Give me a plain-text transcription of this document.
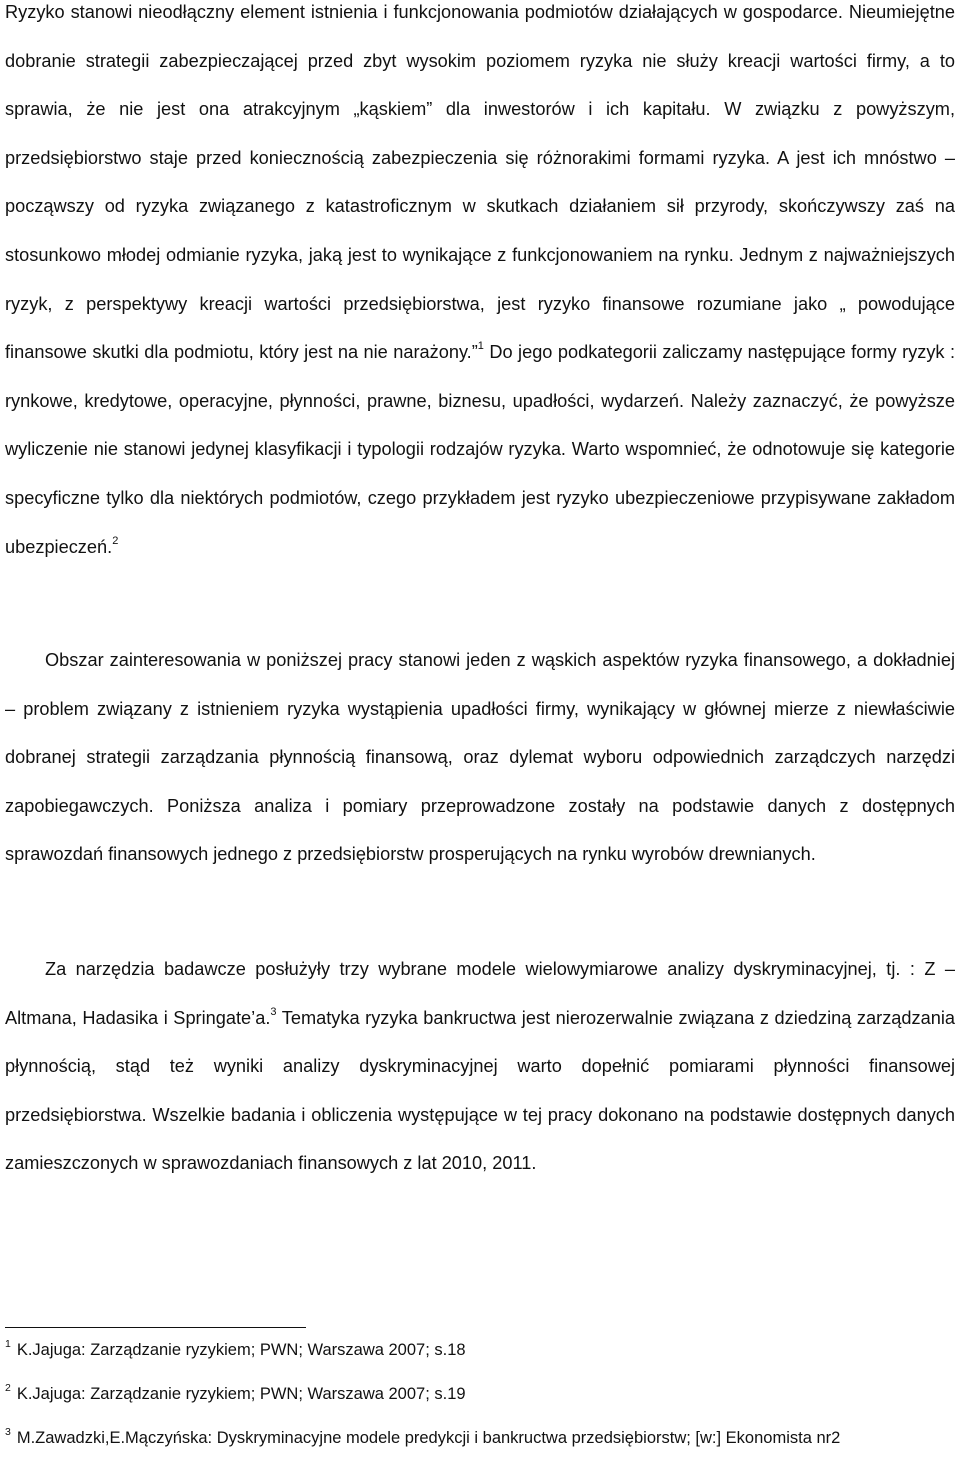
Ryzyko stanowi nieodłączny element istnienia i funkcjonowania podmiotów działających w gospodarce. Nieumiejętne dobranie strategii zabezpieczającej przed zbyt wysokim poziomem ryzyka nie służy kreacji wartości firmy, a to sprawia, że nie jest ona atrakcyjnym „kąskiem” dla inwestorów i ich kapitału. W związku z powyższym, przedsiębiorstwo staje przed koniecznością zabezpieczenia się różnorakimi formami ryzyka. A jest ich mnóstwo – począwszy od ryzyka związanego z katastroficznym w skutkach działaniem sił przyrody, skończywszy zaś na stosunkowo młodej odmianie ryzyka, jaką jest to wynikające z funkcjonowaniem na rynku. Jednym z najważniejszych ryzyk, z perspektywy kreacji wartości przedsiębiorstwa, jest ryzyko finansowe rozumiane jako „ powodujące finansowe skutki dla podmiotu, który jest na nie narażony.”$^1$ Do jego podkategorii zaliczamy następujące formy ryzyk : rynkowe, kredytowe, operacyjne, płynności, prawne, biznesu, upadłości, wydarzeń. Należy zaznaczyć, że powyższe wyliczenie nie stanowi jedynej klasyfikacji i typologii rodzajów ryzyka. Warto wspomnieć, że odnotowuje się kategorie specyficzne tylko dla niektórych podmiotów, czego przykładem jest ryzyko ubezpieczeniowe przypisywane zakładom ubezpieczeń.$^2$

Obszar zainteresowania w poniższej pracy stanowi jeden z wąskich aspektów ryzyka finansowego, a dokładniej – problem związany z istnieniem ryzyka wystąpienia upadłości firmy, wynikający w głównej mierze z niewłaściwie dobranej strategii zarządzania płynnością finansową, oraz dylemat wyboru odpowiednich zarządczych narzędzi zapobiegawczych. Poniższa analiza i pomiary przeprowadzone zostały na podstawie danych z dostępnych sprawozdań finansowych jednego z przedsiębiorstw prosperujących na rynku wyrobów drewnianych.

Za narzędzia badawcze posłużyły trzy wybrane modele wielowymiarowe analizy dyskryminacyjnej, tj. : Z – Altmana, Hadasika i Springate’a.$^3$ Tematyka ryzyka bankructwa jest nierozerwalnie związana z dziedziną zarządzania płynnością, stąd też wyniki analizy dyskryminacyjnej warto dopełnić pomiarami płynności finansowej przedsiębiorstwa. Wszelkie badania i obliczenia występujące w tej pracy dokonano na podstawie dostępnych danych zamieszczonych w sprawozdaniach finansowych z lat 2010, 2011.

$^1$ K.Jajuga: Zarządzanie ryzykiem; PWN; Warszawa 2007; s.18

$^2$ K.Jajuga: Zarządzanie ryzykiem; PWN; Warszawa 2007; s.19

$^3$ M.Zawadzki,E.Mączyńska: Dyskryminacyjne modele predykcji i bankructwa przedsiębiorstw; [w:] Ekonomista nr2
